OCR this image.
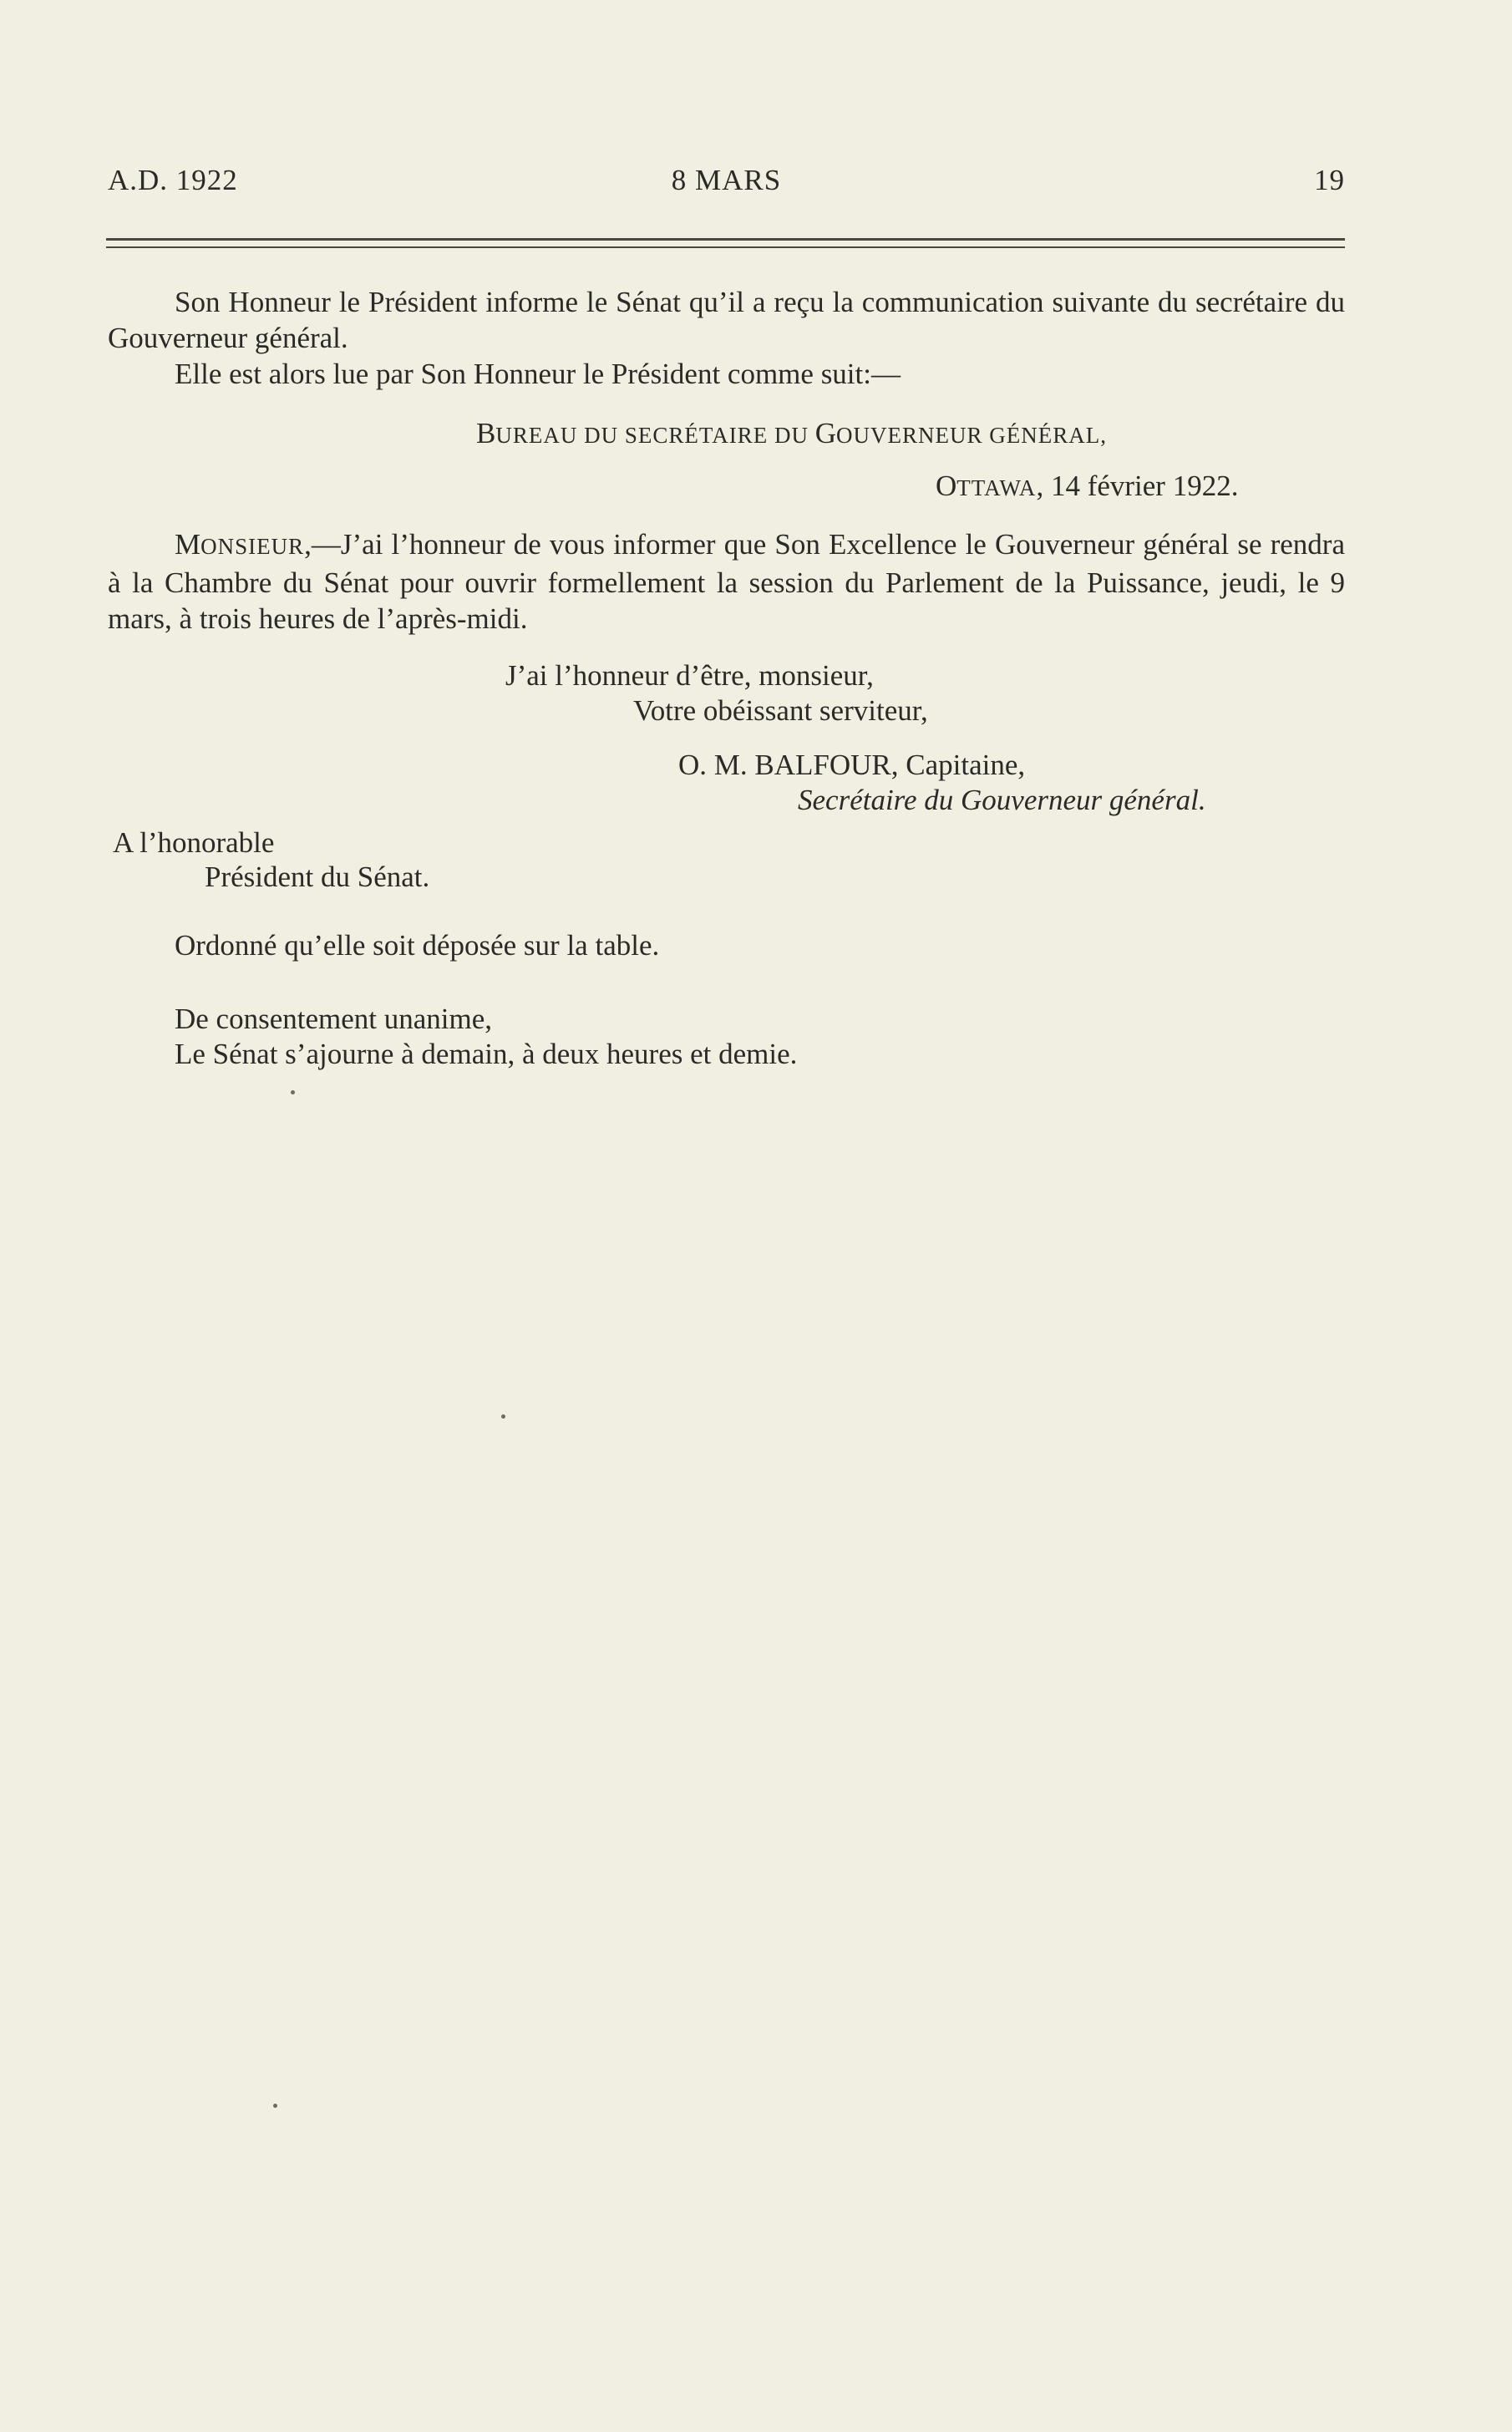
A.D. 1922	8 MARS	19
Son Honneur le Président informe le Sénat qu’il a reçu la communication suivante du secrétaire du Gouverneur général.
Elle est alors lue par Son Honneur le Président comme suit:—
BUREAU DU SECRÉTAIRE DU GOUVERNEUR GÉNÉRAL,
OTTAWA, 14 février 1922.
MONSIEUR,—J’ai l’honneur de vous informer que Son Excellence le Gouverneur général se rendra à la Chambre du Sénat pour ouvrir formellement la session du Parlement de la Puissance, jeudi, le 9 mars, à trois heures de l’après-midi.
J’ai l’honneur d’être, monsieur,
Votre obéissant serviteur,
O. M. BALFOUR, Capitaine,
Secrétaire du Gouverneur général.
A l’honorable
Président du Sénat.
Ordonné qu’elle soit déposée sur la table.
De consentement unanime,
Le Sénat s’ajourne à demain, à deux heures et demie.
